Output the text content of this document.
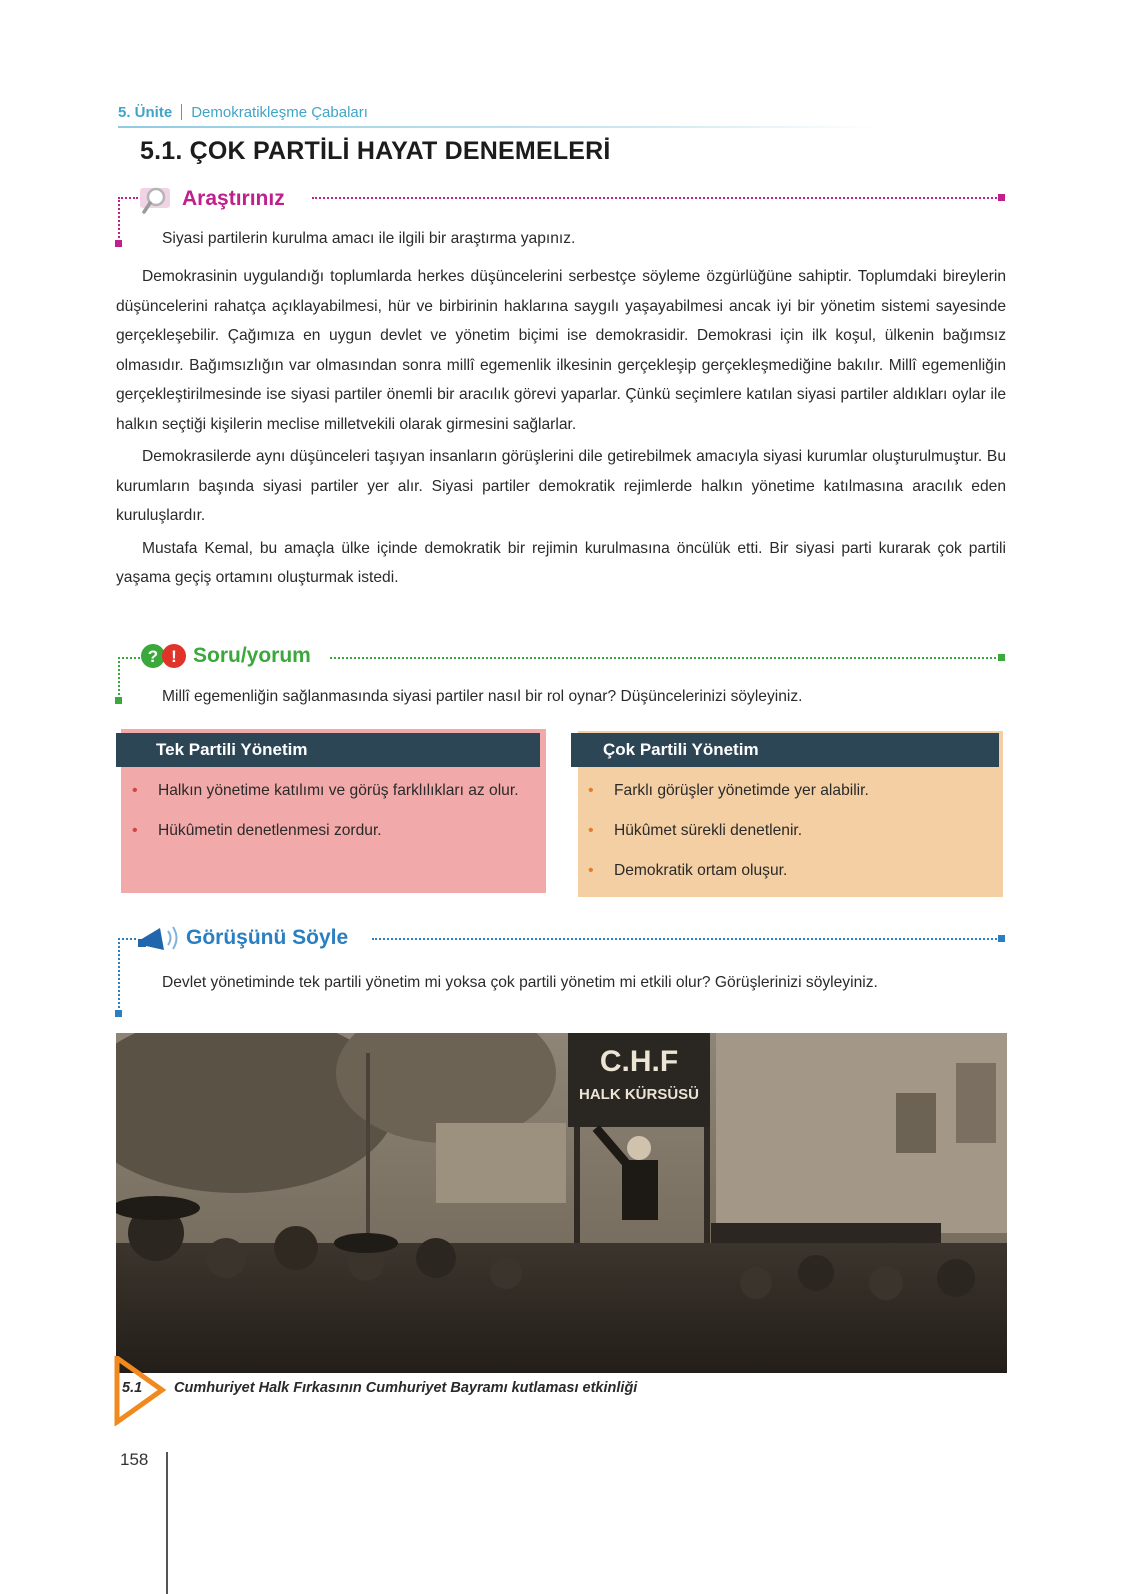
5. Ünite Demokratikleşme Çabaları
5.1. ÇOK PARTİLİ HAYAT DENEMELERİ
Araştırınız
Siyasi partilerin kurulma amacı ile ilgili bir araştırma yapınız.

Demokrasinin uygulandığı toplumlarda herkes düşüncelerini serbestçe söyleme özgürlüğüne sahiptir. Toplumdaki bireylerin düşüncelerini rahatça açıklayabilmesi, hür ve birbirinin haklarına saygılı yaşayabilmesi ancak iyi bir yönetim sistemi sayesinde gerçekleşebilir. Çağımıza en uygun devlet ve yönetim biçimi ise demokrasidir. Demokrasi için ilk koşul, ülkenin bağımsız olmasıdır. Bağımsızlığın var olmasından sonra millî egemenlik ilkesinin gerçekleşip gerçekleşmediğine bakılır. Millî egemenliğin gerçekleştirilmesinde ise siyasi partiler önemli bir aracılık görevi yaparlar. Çünkü seçimlere katılan siyasi partiler aldıkları oylar ile halkın seçtiği kişilerin meclise milletvekili olarak girmesini sağlarlar.

Demokrasilerde aynı düşünceleri taşıyan insanların görüşlerini dile getirebilmek amacıyla siyasi kurumlar oluşturulmuştur. Bu kurumların başında siyasi partiler yer alır. Siyasi partiler demokratik rejimlerde halkın yönetime katılmasına aracılık eden kuruluşlardır.

Mustafa Kemal, bu amaçla ülke içinde demokratik bir rejimin kurulmasına öncülük etti. Bir siyasi parti kurarak çok partili yaşama geçiş ortamını oluşturmak istedi.

? ! Soru/yorum
Millî egemenliğin sağlanmasında siyasi partiler nasıl bir rol oynar? Düşüncelerinizi söyleyiniz.
Tek Partili Yönetim
• Halkın yönetime katılımı ve görüş farklılıkları az olur.
• Hükûmetin denetlenmesi zordur.
Çok Partili Yönetim
• Farklı görüşler yönetimde yer alabilir.
• Hükûmet sürekli denetlenir.
• Demokratik ortam oluşur.
Görüşünü Söyle
Devlet yönetiminde tek partili yönetim mi yoksa çok partili yönetim mi etkili olur? Görüşlerinizi söyleyiniz.
C.H.F
HALK KÜRSÜSÜ
5.1 Cumhuriyet Halk Fırkasının Cumhuriyet Bayramı kutlaması etkinliği
158
